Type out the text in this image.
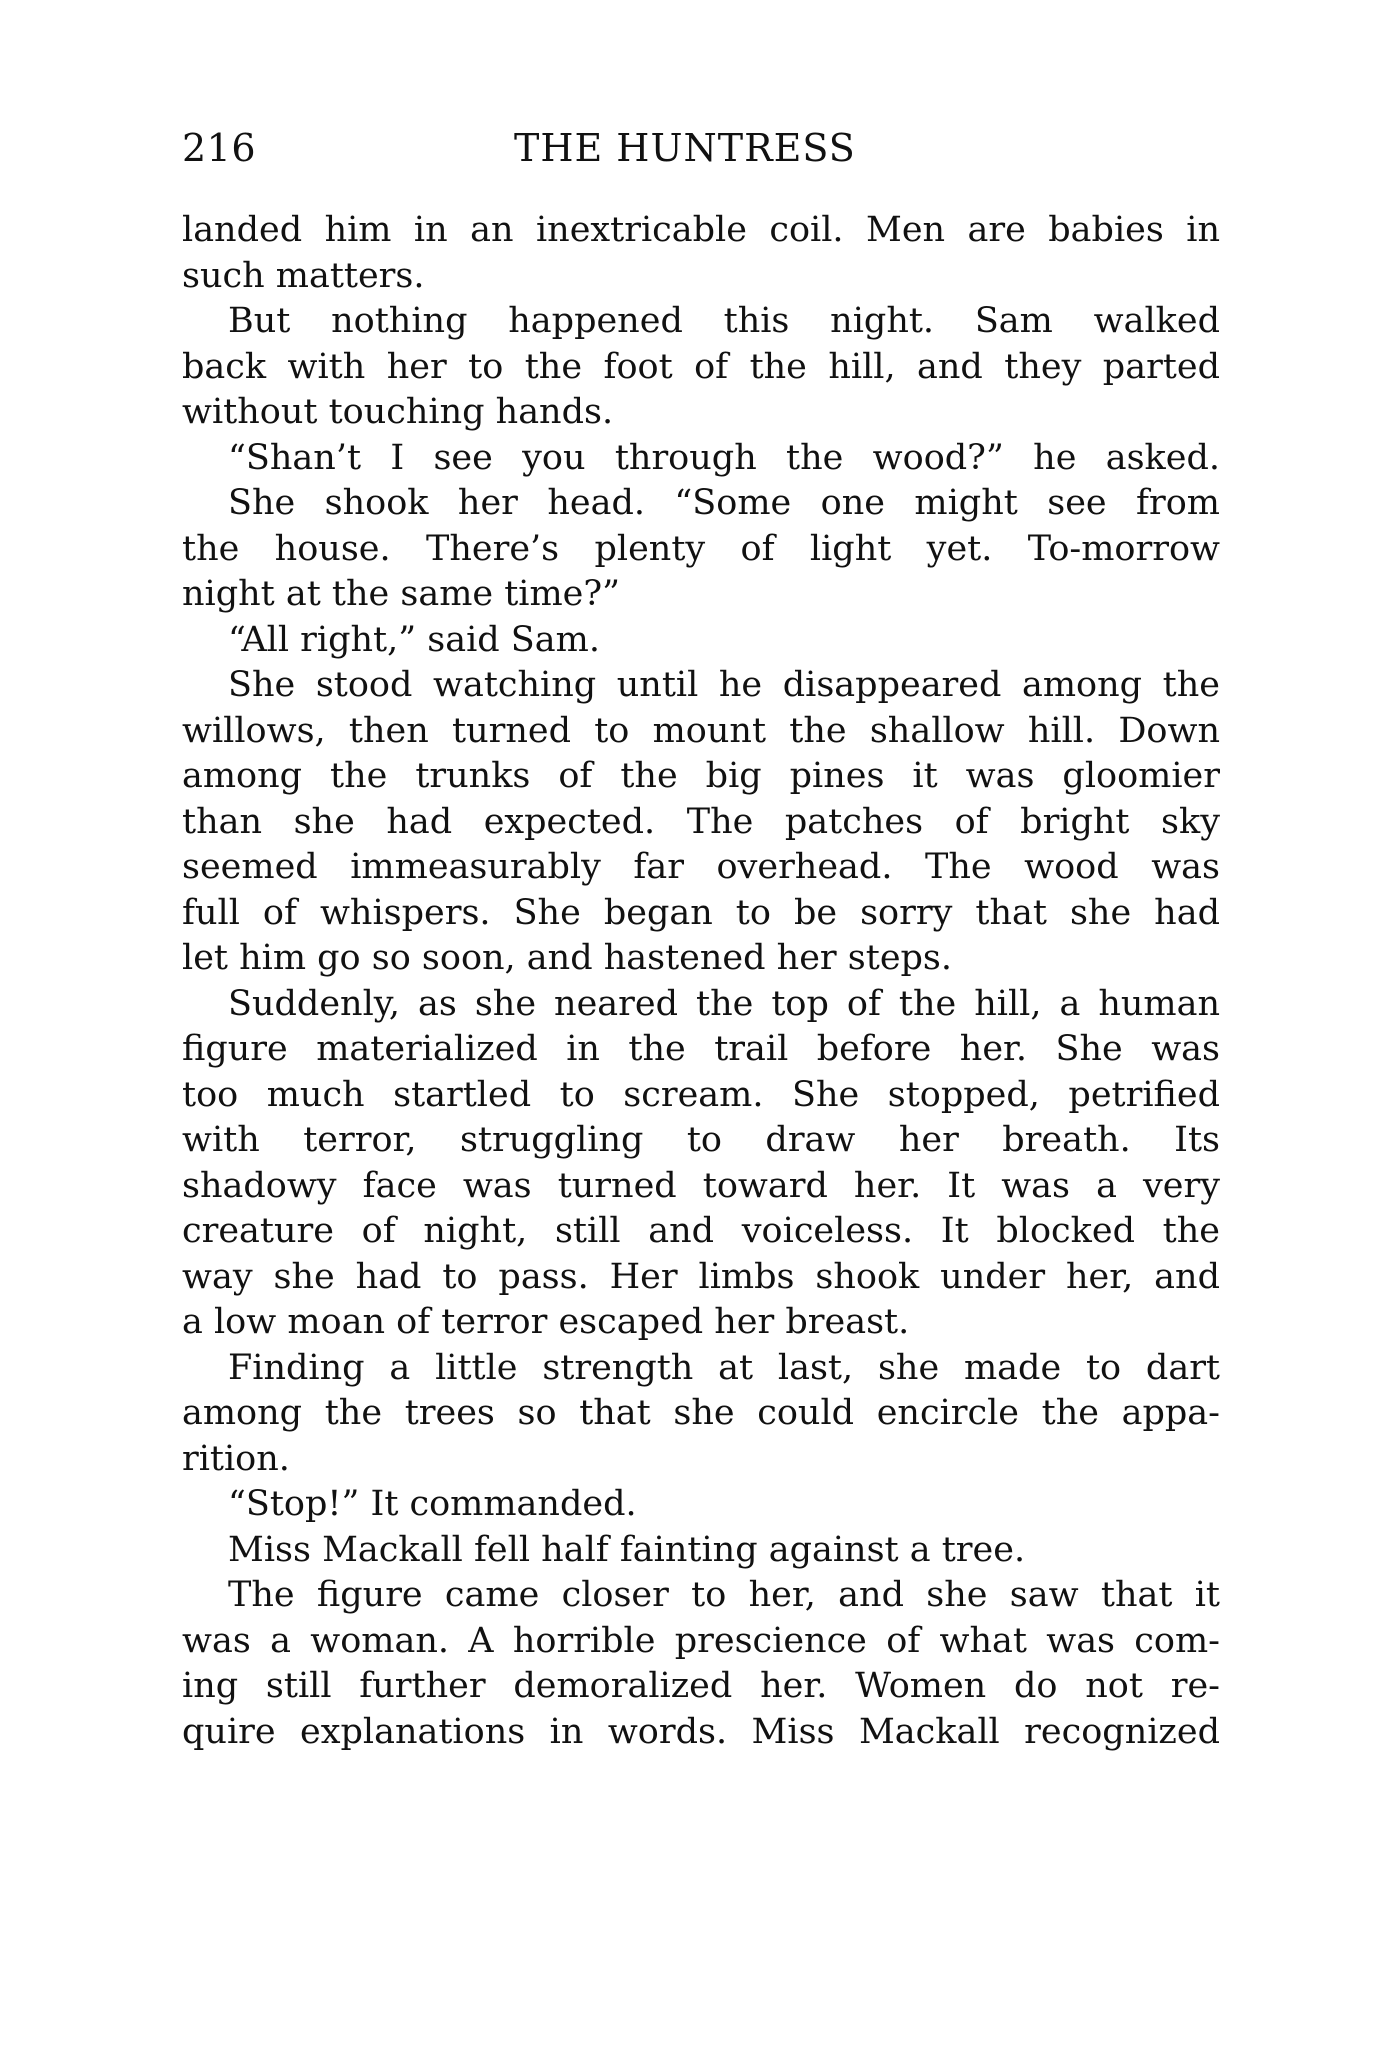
216	THE HUNTRESS
landed him in an inextricable coil. Men are babies in
such matters.
But nothing happened this night. Sam walked
back with her to the foot of the hill, and they parted
without touching hands.
“Shan’t I see you through the wood?” he asked.
She shook her head. “Some one might see from
the house. There’s plenty of light yet. To-morrow
night at the same time?”
“All right,” said Sam.
She stood watching until he disappeared among the
willows, then turned to mount the shallow hill. Down
among the trunks of the big pines it was gloomier
than she had expected. The patches of bright sky
seemed immeasurably far overhead. The wood was
full of whispers. She began to be sorry that she had
let him go so soon, and hastened her steps.
Suddenly, as she neared the top of the hill, a human
figure materialized in the trail before her. She was
too much startled to scream. She stopped, petrified
with terror, struggling to draw her breath. Its
shadowy face was turned toward her. It was a very
creature of night, still and voiceless. It blocked the
way she had to pass. Her limbs shook under her, and
a low moan of terror escaped her breast.
Finding a little strength at last, she made to dart
among the trees so that she could encircle the appa-
rition.
“Stop!” It commanded.
Miss Mackall fell half fainting against a tree.
The figure came closer to her, and she saw that it
was a woman. A horrible prescience of what was com-
ing still further demoralized her. Women do not re-
quire explanations in words. Miss Mackall recognized
